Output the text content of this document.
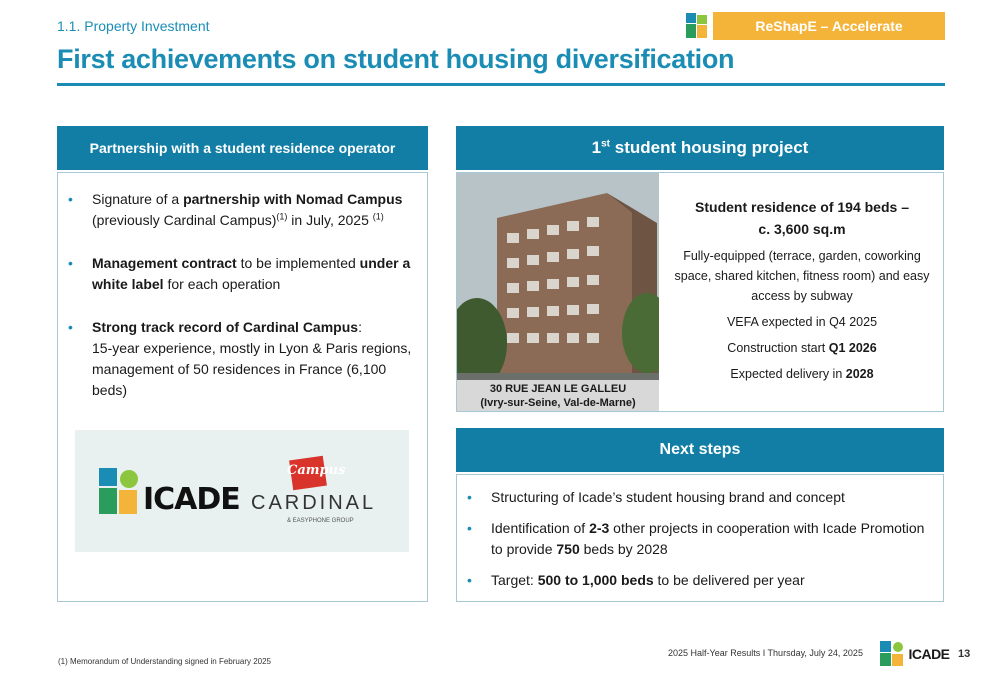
1.1. Property Investment	ReShapE – Accelerate diversification
First achievements on student housing diversification
Partnership with a student residence operator
• Signature of a partnership with Nomad Campus (previously Cardinal Campus)$^{(1)}$ in July, 2025 $^{(1)}$
• Management contract to be implemented under a white label for each operation
• Strong track record of Cardinal Campus:
15-year experience, mostly in Lyon & Paris regions, management of 50 residences in France (6,100 beds)
ICADE
Campus
CARDINAL
& EASYPHONE GROUP
1st student housing project
30 RUE JEAN LE GALLEU
(Ivry-sur-Seine, Val-de-Marne)

Student residence of 194 beds –

c. 3,600 sq.m

Fully-equipped (terrace, garden, coworking space, shared kitchen, fitness room) and easy access by subway

VEFA expected in Q4 2025

Construction start Q1 2026

Expected delivery in 2028

Next steps
• Structuring of Icade’s student housing brand and concept
• Identification of 2-3 other projects in cooperation with Icade Promotion to provide 750 beds by 2028
• Target: 500 to 1,000 beds to be delivered per year
(1) Memorandum of Understanding signed in February 2025
2025 Half-Year Results I Thursday, July 24, 2025	ICADE 13
